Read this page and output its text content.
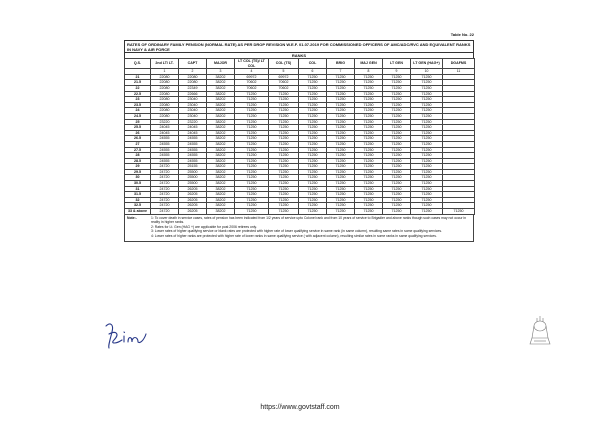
Table No. 22
RATES OF ORDINARY FAMILY PENSION (NORMAL RATE) AS PER DROP REVISION W.E.F. 01.07.2019 FOR COMMISSIONED OFFICERS OF AMC/ADC/RVC AND EQUIVALENT RANKS IN NAVY & AIR FORCE
RANKS
Q.S.	2nd LT/ LT.	CAPT	MAJOR	LT COL (TS)/ LT COL	COL (TS)	COL	BRIG	MAJ GEN	LT GEN	LT GEN (HAG+)	DGAFMS
	1	2	3	4	5	6	7	8	9	10	11
21	22080	22080	38202	69972	69972	71250	71250	71250	71250	71250	
21.5	22080	22080	38202	70602	70602	71250	71250	71250	71250	71250	
22	22080	22349	38202	70602	70602	71250	71250	71250	71250	71250	
22.5	22080	22666	38202	71250	71250	71250	71250	71250	71250	71250	
23	22080	23040	38202	71250	71250	71250	71250	71250	71250	71250	
23.5	22080	23040	38202	71250	71250	71250	71250	71250	71250	71250	
24	22080	23040	38202	71250	71250	71250	71250	71250	71250	71250	
24.5	22080	23040	38202	71250	71250	71250	71250	71250	71250	71250	
25	23220	23220	38202	71250	71250	71250	71250	71250	71250	71250	
25.5	24045	24045	38202	71250	71250	71250	71250	71250	71250	71250	
26	24045	24045	38202	71250	71250	71250	71250	71250	71250	71250	
26.5	24555	24555	38202	71250	71250	71250	71250	71250	71250	71250	
27	24555	24555	38202	71250	71250	71250	71250	71250	71250	71250	
27.5	24555	24555	38202	71250	71250	71250	71250	71250	71250	71250	
28	24555	24555	38202	71250	71250	71250	71250	71250	71250	71250	
28.5	24555	24555	38202	71250	71250	71250	71250	71250	71250	71250	
29	24720	25155	38202	71250	71250	71250	71250	71250	71250	71250	
29.5	24720	25500	38202	71250	71250	71250	71250	71250	71250	71250	
30	24720	25500	38202	71250	71250	71250	71250	71250	71250	71250	
30.5	24720	25500	38202	71250	71250	71250	71250	71250	71250	71250	
31	24720	26205	38202	71250	71250	71250	71250	71250	71250	71250	
31.5	24720	26205	38202	71250	71250	71250	71250	71250	71250	71250	
32	24720	26205	38202	71250	71250	71250	71250	71250	71250	71250	
32.5	24720	26205	38202	71250	71250	71250	71250	71250	71250	71250	
33 & above	24720	26205	38202	71250	71250	71250	71250	71250	71250	71250	71250
Note:-	1: To cover death in service cases, rates of pension has been indicated from 1/2 years of service upto Colonel rank and from 10 years of service to Brigadier and above ranks though such cases may not occur in reality in higher ranks.

2: Rates for Lt. Gen (HAG +) are applicable for post 2006 retirees only.

3: Lower rates of higher qualifying service or blank rates are protected with higher rate of lower qualifying service in same rank (in same column), resulting same rates in some qualifying services.

4: Lower rates of higher ranks are protected with higher rate of lower ranks in same qualifying service ( with adjacent column), resulting similar rates in some ranks in same qualifying services.

https://www.govtstaff.com
